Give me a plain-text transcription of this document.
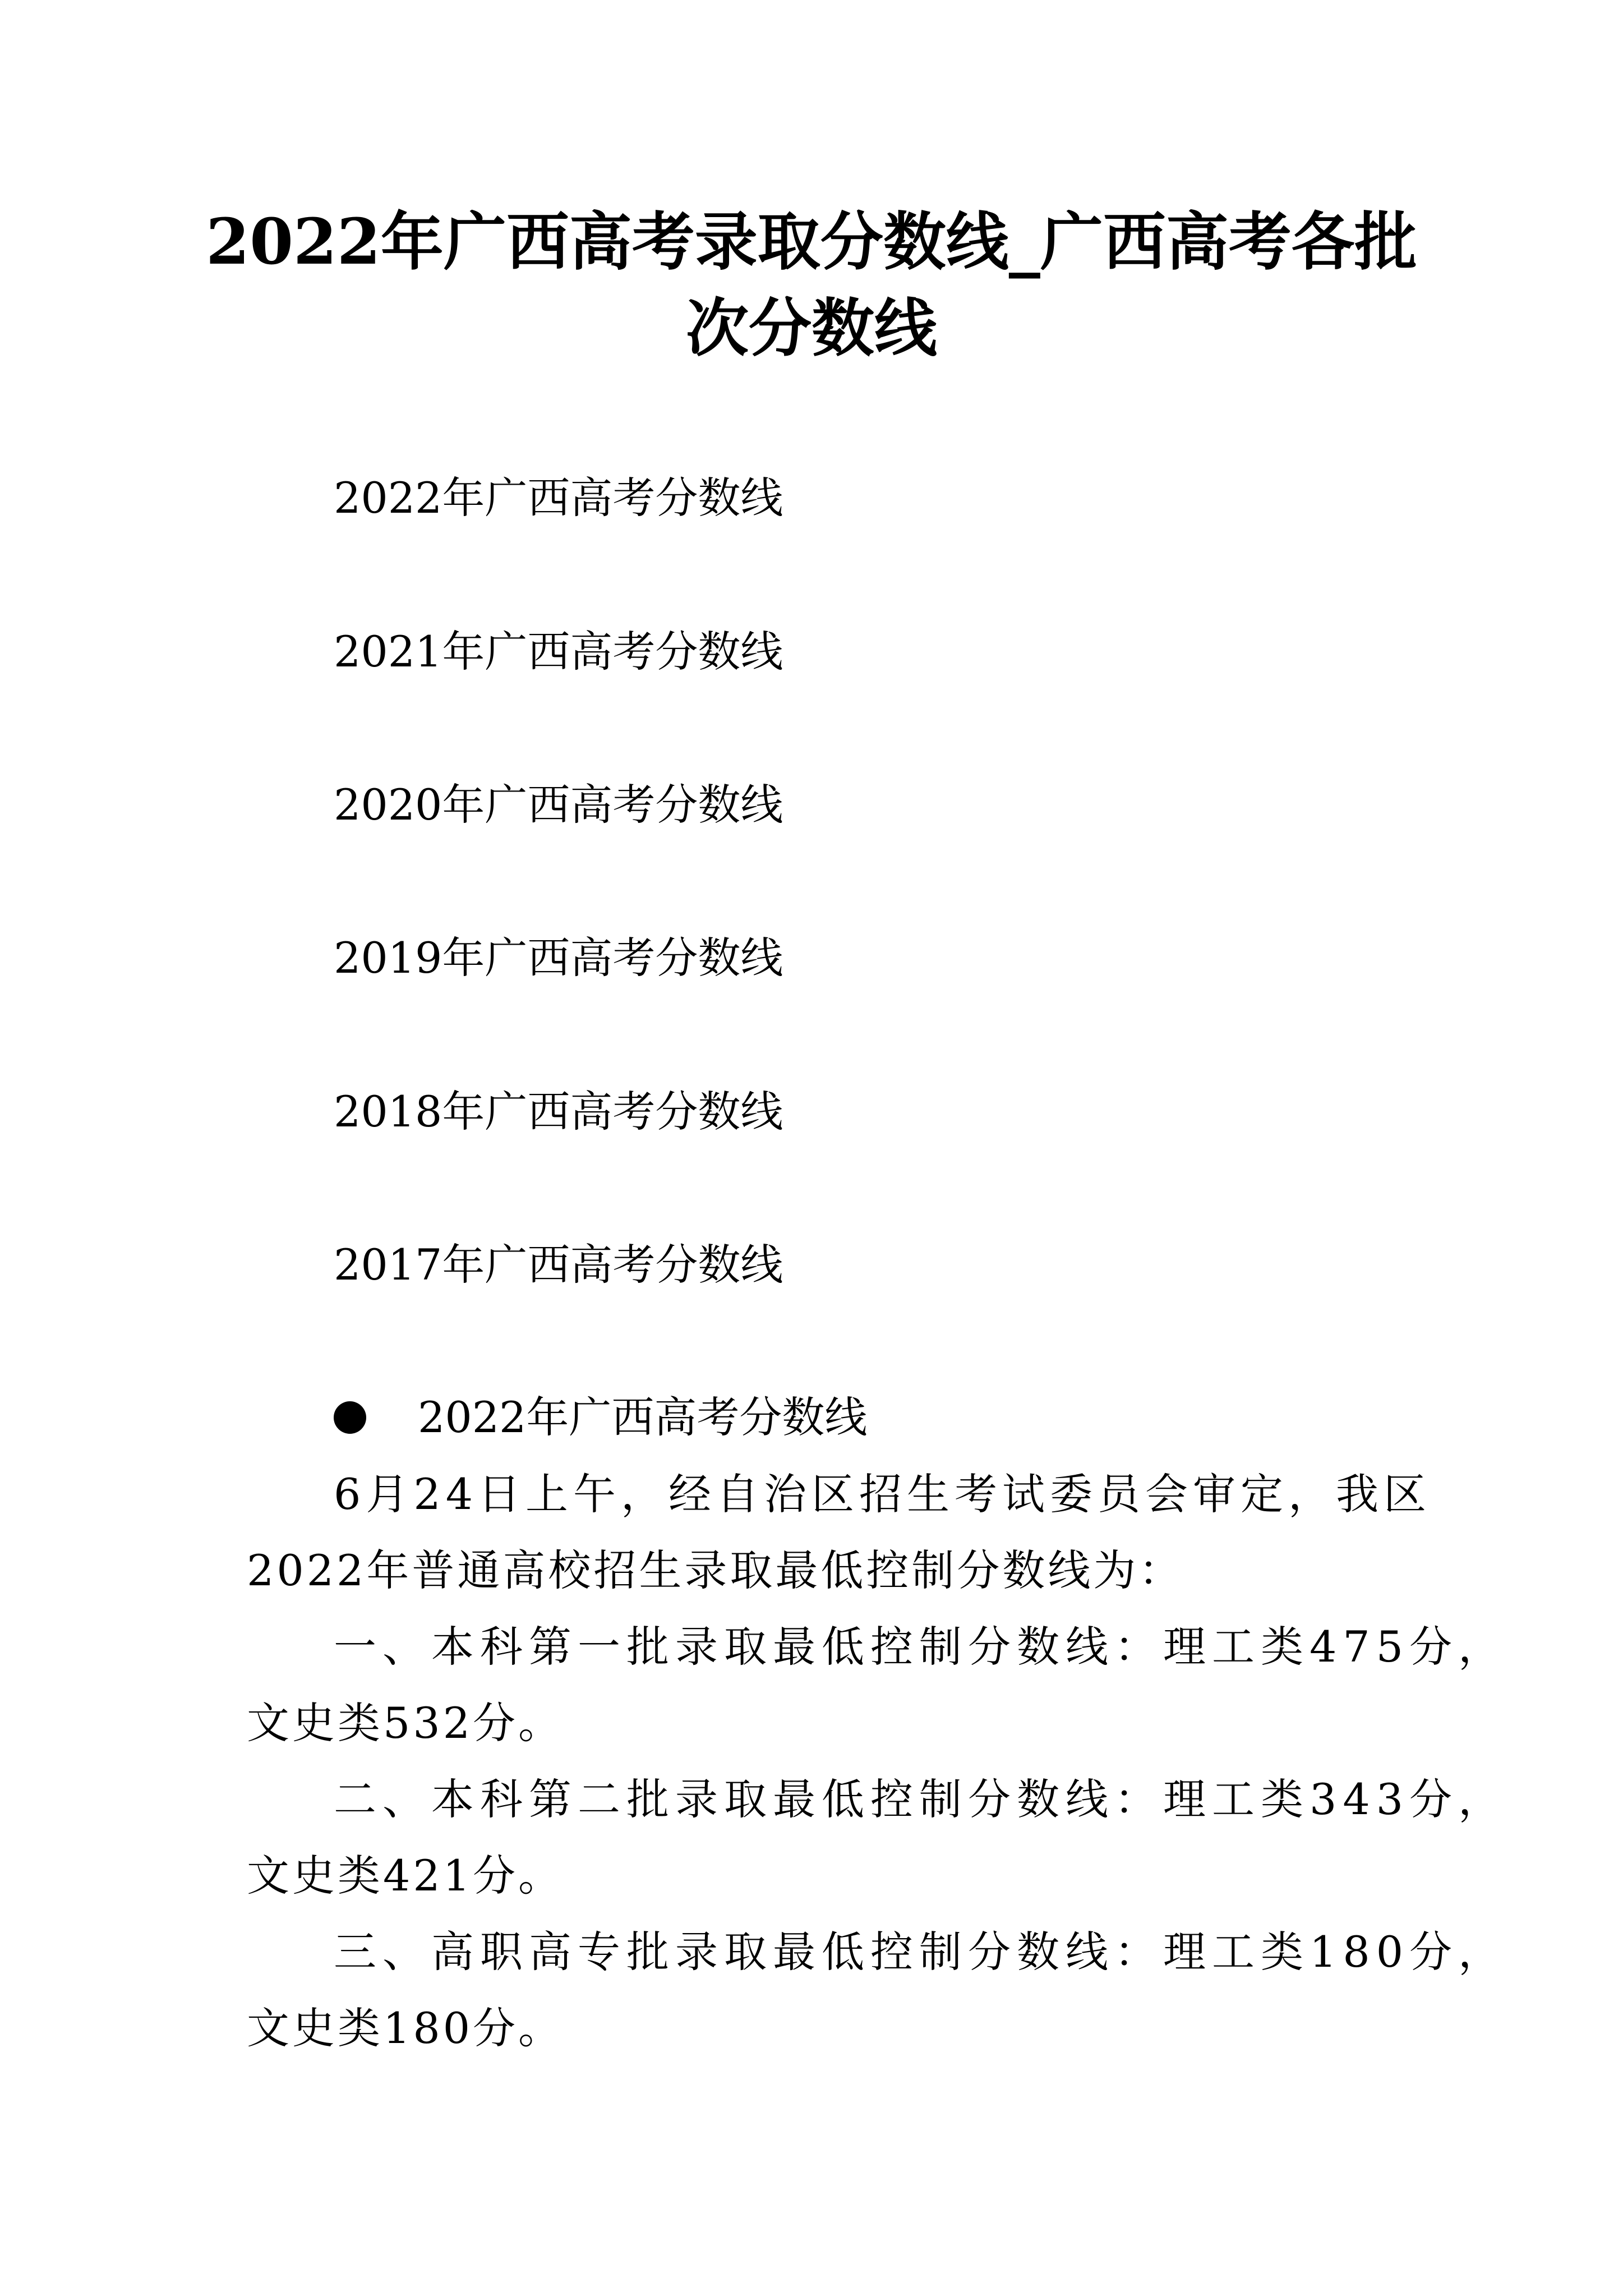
2022年广西高考录取分数线_广西高考各批
次分数线
2022年广西高考分数线
2021年广西高考分数线
2020年广西高考分数线
2019年广西高考分数线
2018年广西高考分数线
2017年广西高考分数线
2022年广西高考分数线
6月24日上午，经自治区招生考试委员会审定，我区
2022年普通高校招生录取最低控制分数线为：
一、本科第一批录取最低控制分数线：理工类475分，
文史类532分。
二、本科第二批录取最低控制分数线：理工类343分，
文史类421分。
三、高职高专批录取最低控制分数线：理工类180分，
文史类180分。
